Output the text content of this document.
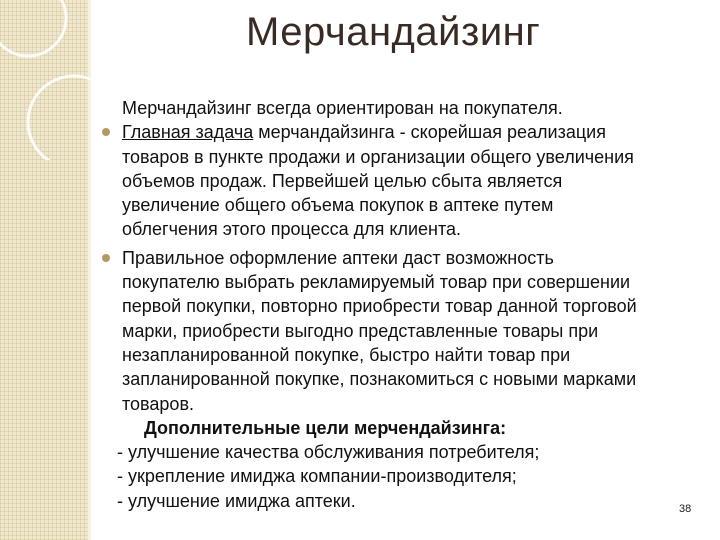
Мерчандайзинг
Мерчандайзинг всегда ориентирован на покупателя.
Главная задача мерчандайзинга - скорейшая реализация
товаров в пункте продажи и организации общего увеличения
объемов продаж. Первейшей целью сбыта является
увеличение общего объема покупок в аптеке путем
облегчения этого процесса для клиента.
Правильное оформление аптеки даст возможность
покупателю выбрать рекламируемый товар при совершении
первой покупки, повторно приобрести товар данной торговой
марки, приобрести выгодно представленные товары при
незапланированной покупке, быстро найти товар при
запланированной покупке, познакомиться с новыми марками
товаров.
Дополнительные цели мерчендайзинга:
- улучшение качества обслуживания потребителя;
- укрепление имиджа компании-производителя;
- улучшение имиджа аптеки.	38
